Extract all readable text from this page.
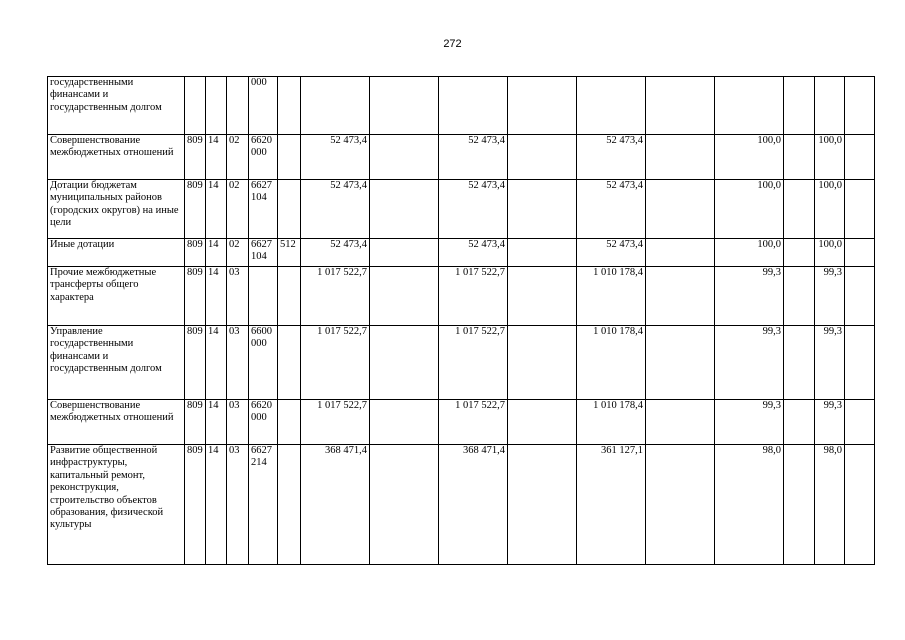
272
государственными финансами и государственным долгом				000											
Совершенствование межбюджетных отношений	809	14	02	6620 000		52 473,4		52 473,4		52 473,4		100,0		100,0	
Дотации бюджетам муниципальных районов (городских округов) на иные цели	809	14	02	6627 104		52 473,4		52 473,4		52 473,4		100,0		100,0	
Иные дотации	809	14	02	6627 104	512	52 473,4		52 473,4		52 473,4		100,0		100,0	
Прочие межбюджетные трансферты общего характера	809	14	03			1 017 522,7		1 017 522,7		1 010 178,4		99,3		99,3	
Управление государственными финансами и государственным долгом	809	14	03	6600 000		1 017 522,7		1 017 522,7		1 010 178,4		99,3		99,3	
Совершенствование межбюджетных отношений	809	14	03	6620 000		1 017 522,7		1 017 522,7		1 010 178,4		99,3		99,3	
Развитие общественной инфраструктуры, капитальный ремонт, реконструкция, строительство объектов образования, физической культуры	809	14	03	6627 214		368 471,4		368 471,4		361 127,1		98,0		98,0	
